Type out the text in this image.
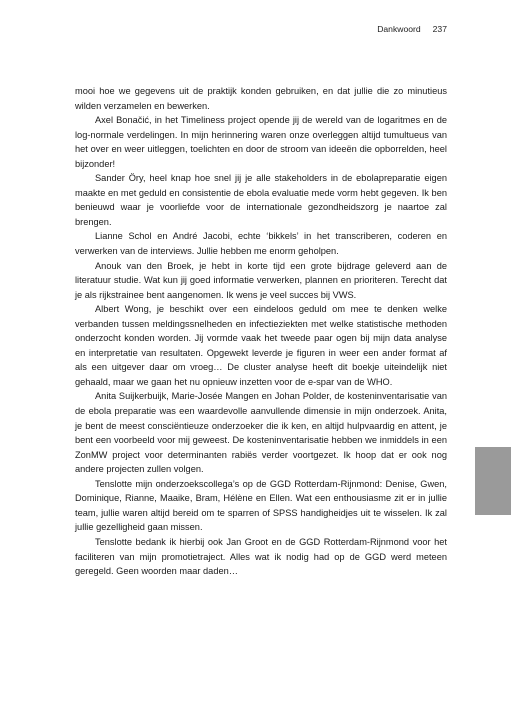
Dankwoord 237

mooi hoe we gegevens uit de praktijk konden gebruiken, en dat jullie die zo minutieus wilden verzamelen en bewerken.

Axel Bonačić, in het Timeliness project opende jij de wereld van de logaritmes en de log-normale verdelingen. In mijn herinnering waren onze overleggen altijd tumultueus van het over en weer uitleggen, toelichten en door de stroom van ideeën die opborrelden, heel bijzonder!

Sander Öry, heel knap hoe snel jij je alle stakeholders in de ebolapreparatie eigen maakte en met geduld en consistentie de ebola evaluatie mede vorm hebt gegeven. Ik ben benieuwd waar je voorliefde voor de internationale gezondheidszorg je naartoe zal brengen.

Lianne Schol en André Jacobi, echte ‘bikkels’ in het transcriberen, coderen en verwerken van de interviews. Jullie hebben me enorm geholpen.

Anouk van den Broek, je hebt in korte tijd een grote bijdrage geleverd aan de literatuur studie. Wat kun jij goed informatie verwerken, plannen en prioriteren. Terecht dat je als rijkstrainee bent aangenomen. Ik wens je veel succes bij VWS.

Albert Wong, je beschikt over een eindeloos geduld om mee te denken welke verbanden tussen meldingssnelheden en infectieziekten met welke statistische methoden onderzocht konden worden. Jij vormde vaak het tweede paar ogen bij mijn data analyse en interpretatie van resultaten. Opgewekt leverde je figuren in weer een ander format af als een uitgever daar om vroeg… De cluster analyse heeft dit boekje uiteindelijk niet gehaald, maar we gaan het nu opnieuw inzetten voor de e-spar van de WHO.

Anita Suijkerbuijk, Marie-Josée Mangen en Johan Polder, de kosteninventarisatie van de ebola preparatie was een waardevolle aanvullende dimensie in mijn onderzoek. Anita, je bent de meest consciëntieuze onderzoeker die ik ken, en altijd hulpvaardig en attent, je bent een voorbeeld voor mij geweest. De kosteninventarisatie hebben we inmiddels in een ZonMW project voor determinanten rabiës verder voortgezet. Ik hoop dat er ook nog andere projecten zullen volgen.

Tenslotte mijn onderzoekscollega’s op de GGD Rotterdam-Rijnmond: Denise, Gwen, Dominique, Rianne, Maaike, Bram, Hélène en Ellen. Wat een enthousiasme zit er in jullie team, jullie waren altijd bereid om te sparren of SPSS handigheidjes uit te wisselen. Ik zal jullie gezelligheid gaan missen.

Tenslotte bedank ik hierbij ook Jan Groot en de GGD Rotterdam-Rijnmond voor het faciliteren van mijn promotietraject. Alles wat ik nodig had op de GGD werd meteen geregeld. Geen woorden maar daden…
